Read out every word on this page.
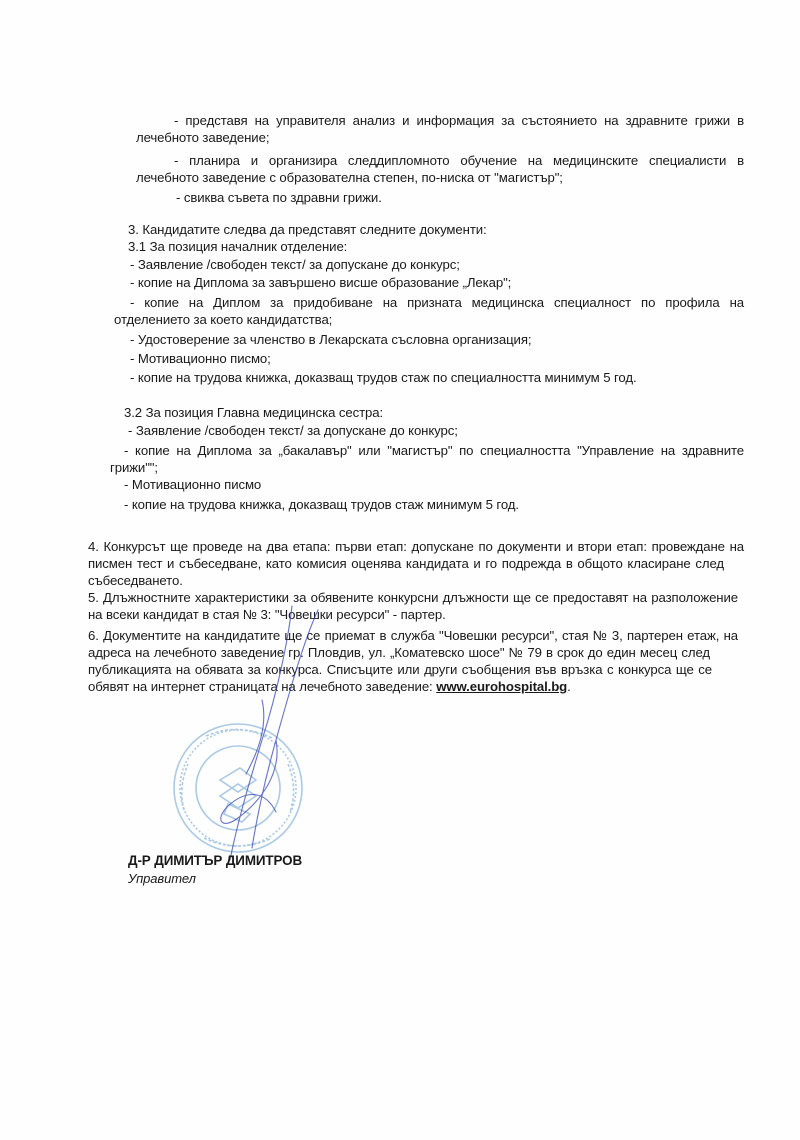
- представя на управителя анализ и информация за състоянието на здравните грижи в
лечебното заведение;
- планира и организира следдипломното обучение на медицинските специалисти в
лечебното заведение с образователна степен, по-ниска от "магистър";
- свиква съвета по здравни грижи.
3. Кандидатите следва да представят следните документи:
3.1 За позиция началник отделение:
- Заявление /свободен текст/ за допускане до конкурс;
- копие на Диплома за завършено висше образование „Лекар";
- копие на Диплом за придобиване на призната медицинска специалност по профила на
отделението за което кандидатства;
- Удостоверение за членство в Лекарската съсловна организация;
- Мотивационно писмо;
- копие на трудова книжка, доказващ трудов стаж по специалността минимум 5 год.
3.2 За позиция Главна медицинска сестра:
- Заявление /свободен текст/ за допускане до конкурс;
- копие на Диплома за „бакалавър" или "магистър" по специалността "Управление на здравните
грижи"";
- Мотивационно писмо
- копие на трудова книжка, доказващ трудов стаж минимум 5 год.
4. Конкурсът ще проведе на два етапа: първи етап: допускане по документи и втори етап: провеждане на
писмен тест и събеседване, като комисия оценява кандидата и го подрежда в общото класиране след
събеседването.
5. Длъжностните характеристики за обявените конкурсни длъжности ще се предоставят на разположение
на всеки кандидат в стая № 3: "Човешки ресурси" - партер.
6. Документите на кандидатите ще се приемат в служба "Човешки ресурси", стая № 3, партерен етаж, на
адреса на лечебното заведение гр. Пловдив, ул. „Коматевско шосе" № 79 в срок до един месец след
публикацията на обявата за конкурса. Списъците или други съобщения във връзка с конкурса ще се
обявят на интернет страницата на лечебното заведение: www.eurohospital.bg.
Д-Р ДИМИТЪР ДИМИТРОВ
Управител
